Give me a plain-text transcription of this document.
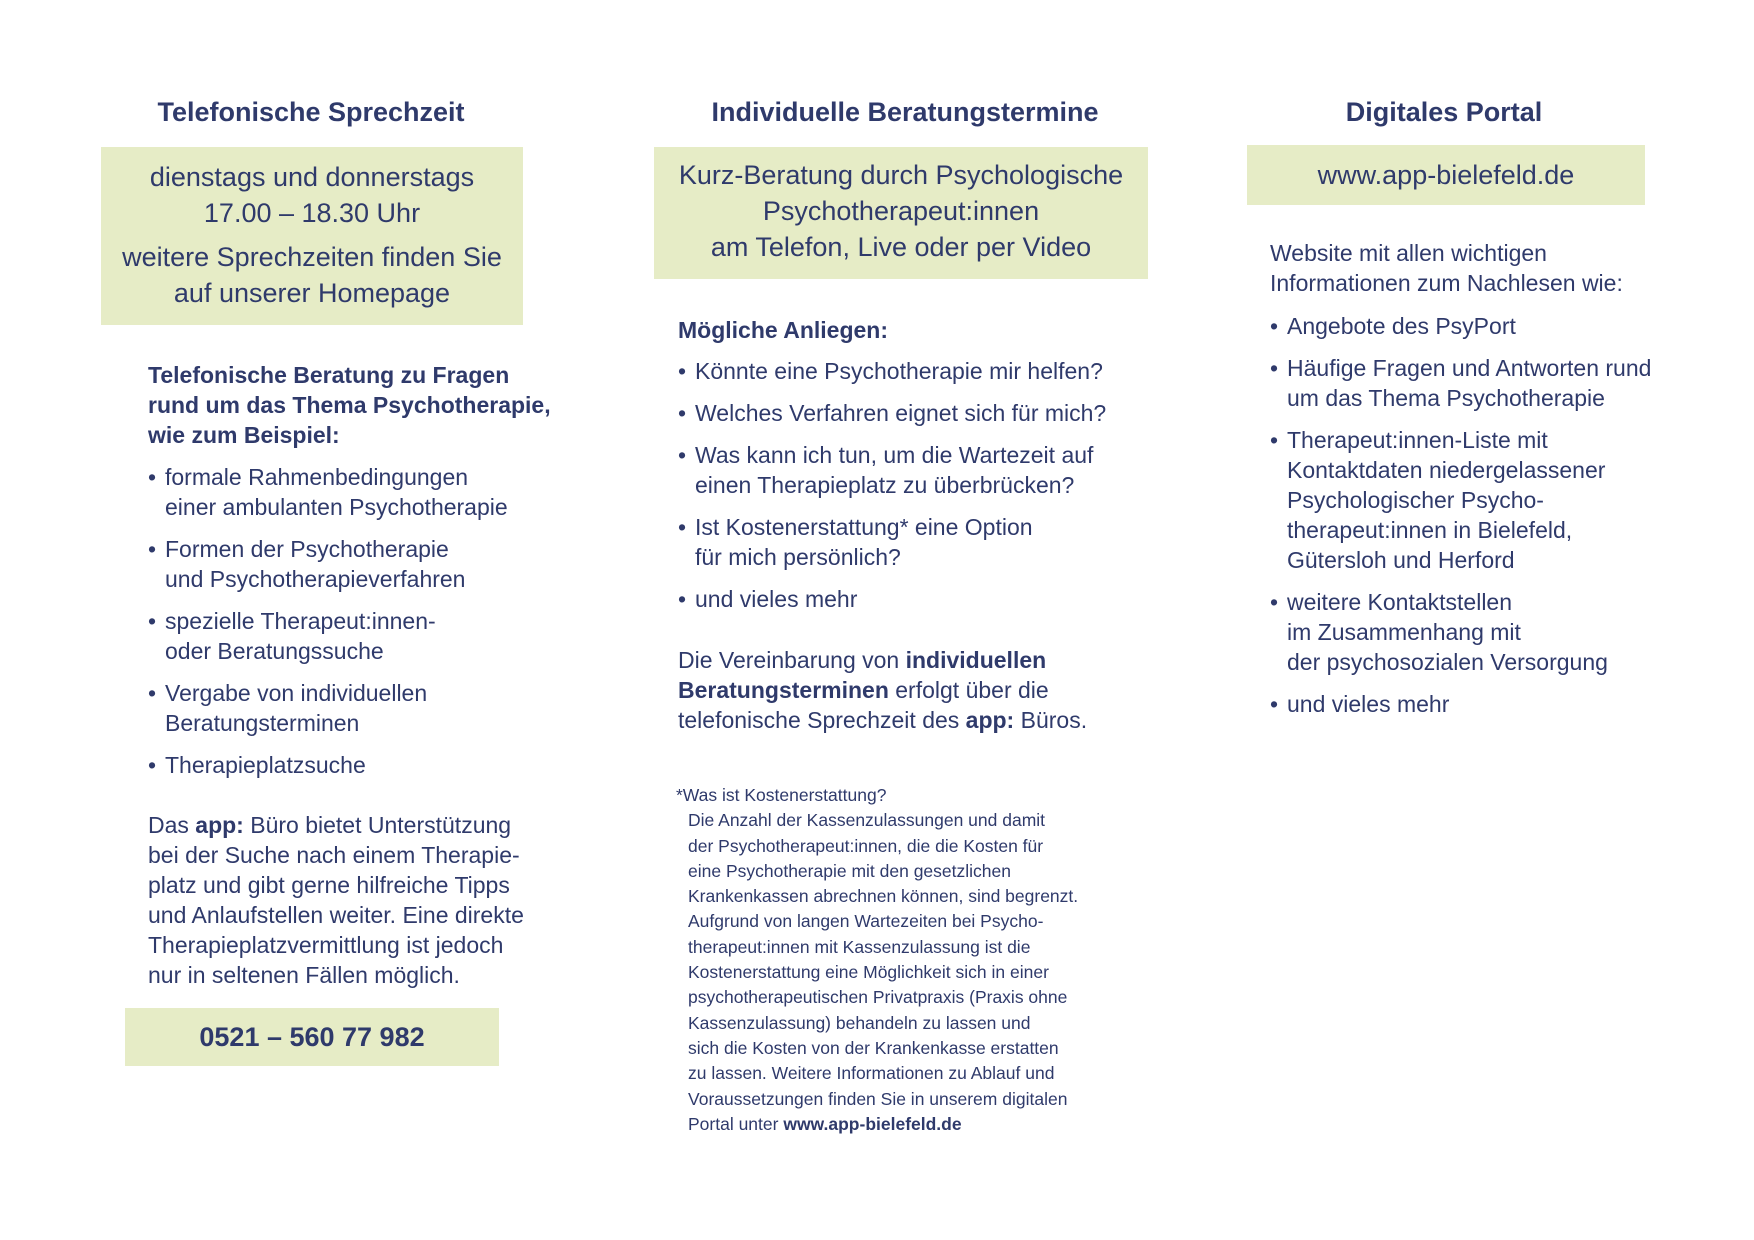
Telefonische Sprechzeit
dienstags und donnerstags
17.00 – 18.30 Uhr
weitere Sprechzeiten finden Sie
auf unserer Homepage
Telefonische Beratung zu Fragen
rund um das Thema Psychotherapie,
wie zum Beispiel:
• formale Rahmenbedingungen
einer ambulanten Psychotherapie
• Formen der Psychotherapie
und Psychotherapieverfahren
• spezielle Therapeut:innen-
oder Beratungssuche
• Vergabe von individuellen
Beratungsterminen
• Therapieplatzsuche
Das app: Büro bietet Unterstützung
bei der Suche nach einem Therapie-
platz und gibt gerne hilfreiche Tipps
und Anlaufstellen weiter. Eine direkte
Therapieplatzvermittlung ist jedoch
nur in seltenen Fällen möglich.
0521 – 560 77 982
Individuelle Beratungstermine
Kurz-Beratung durch Psychologische
Psychotherapeut:innen
am Telefon, Live oder per Video
Mögliche Anliegen:
• Könnte eine Psychotherapie mir helfen?
• Welches Verfahren eignet sich für mich?
• Was kann ich tun, um die Wartezeit auf
einen Therapieplatz zu überbrücken?
• Ist Kostenerstattung* eine Option
für mich persönlich?
• und vieles mehr
Die Vereinbarung von individuellen
Beratungsterminen erfolgt über die
telefonische Sprechzeit des app: Büros.
*Was ist Kostenerstattung?
Die Anzahl der Kassenzulassungen und damit
der Psychotherapeut:innen, die die Kosten für
eine Psychotherapie mit den gesetzlichen
Krankenkassen abrechnen können, sind begrenzt.
Aufgrund von langen Wartezeiten bei Psycho-
therapeut:innen mit Kassenzulassung ist die
Kostenerstattung eine Möglichkeit sich in einer
psychotherapeutischen Privatpraxis (Praxis ohne
Kassenzulassung) behandeln zu lassen und
sich die Kosten von der Krankenkasse erstatten
zu lassen. Weitere Informationen zu Ablauf und
Voraussetzungen finden Sie in unserem digitalen
Portal unter www.app-bielefeld.de
Digitales Portal
www.app-bielefeld.de
Website mit allen wichtigen
Informationen zum Nachlesen wie:
• Angebote des PsyPort
• Häufige Fragen und Antworten rund
um das Thema Psychotherapie
• Therapeut:innen-Liste mit
Kontaktdaten niedergelassener
Psychologischer Psycho-
therapeut:innen in Bielefeld,
Gütersloh und Herford
• weitere Kontaktstellen
im Zusammenhang mit
der psychosozialen Versorgung
• und vieles mehr
